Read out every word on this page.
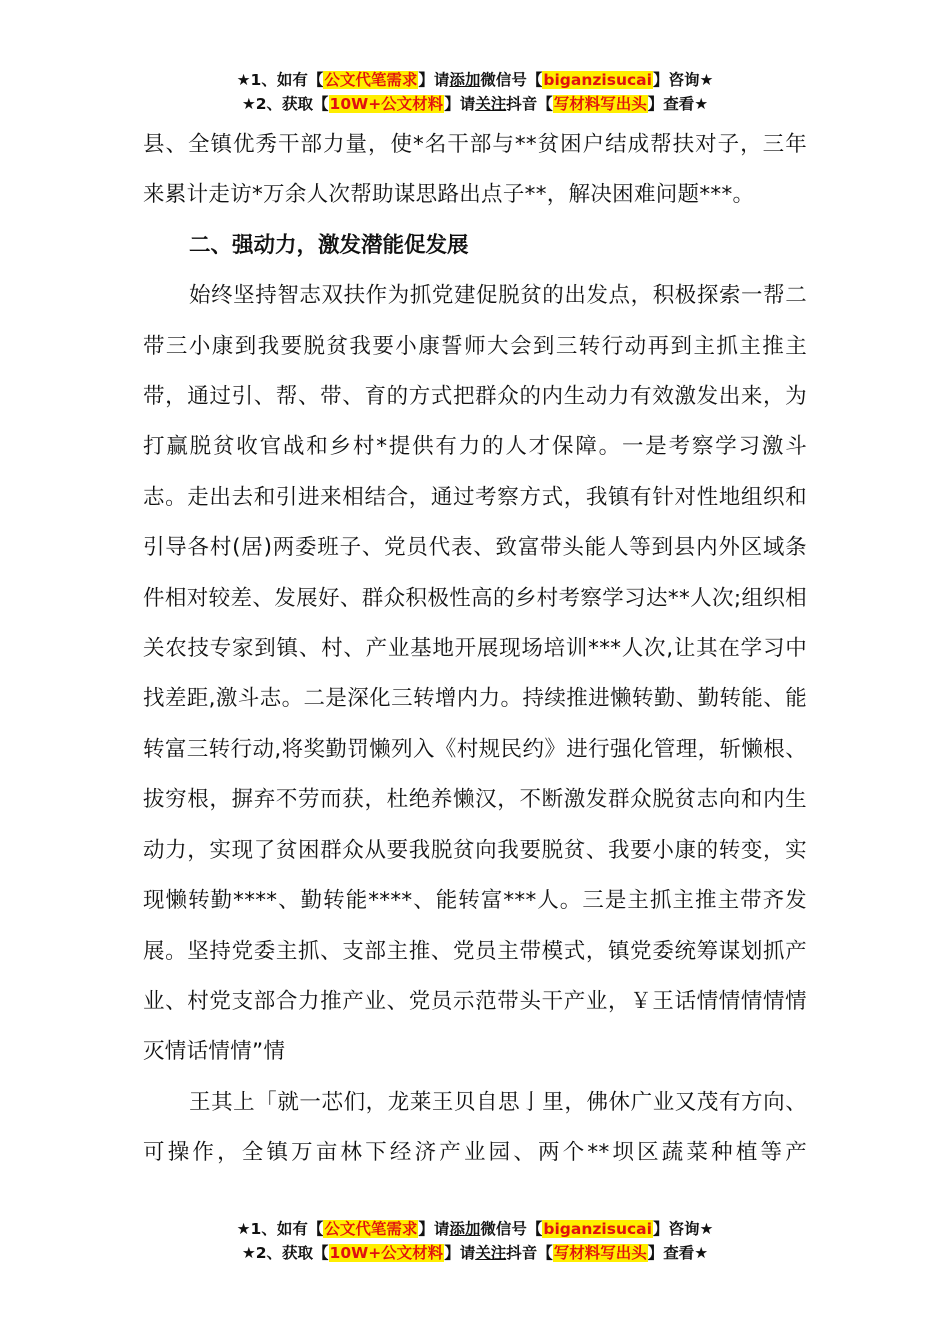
★1、如有【公文代笔需求】请添加微信号【biganzisucai】咨询★
★2、获取【10W+公文材料】请关注抖音【写材料写出头】查看★

县、全镇优秀干部力量，使*名干部与**贫困户结成帮扶对子，三年来累计走访*万余人次帮助谋思路出点子**，解决困难问题***。

二、强动力，激发潜能促发展

始终坚持智志双扶作为抓党建促脱贫的出发点，积极探索一帮二带三小康到我要脱贫我要小康誓师大会到三转行动再到主抓主推主带，通过引、帮、带、育的方式把群众的内生动力有效激发出来，为打赢脱贫收官战和乡村*提供有力的人才保障。一是考察学习激斗志。走出去和引进来相结合，通过考察方式，我镇有针对性地组织和引导各村(居)两委班子、党员代表、致富带头能人等到县内外区域条件相对较差、发展好、群众积极性高的乡村考察学习达**人次;组织相关农技专家到镇、村、产业基地开展现场培训***人次,让其在学习中找差距,激斗志。二是深化三转增内力。持续推进懒转勤、勤转能、能转富三转行动,将奖勤罚懒列入《村规民约》进行强化管理，斩懒根、拔穷根，摒弃不劳而获，杜绝养懒汉，不断激发群众脱贫志向和内生动力，实现了贫困群众从要我脱贫向我要脱贫、我要小康的转变，实现懒转勤****、勤转能****、能转富***人。三是主抓主推主带齐发展。坚持党委主抓、支部主推、党员主带模式，镇党委统筹谋划抓产业、村党支部合力推产业、党员示范带头干产业，￥王话情情情情情灭情话情情”情

王其上「就一芯们，龙莱王贝自思亅里，佛休广业又茂有方向、可操作，全镇万亩林下经济产业园、两个**坝区蔬菜种植等产

★1、如有【公文代笔需求】请添加微信号【biganzisucai】咨询★
★2、获取【10W+公文材料】请关注抖音【写材料写出头】查看★
